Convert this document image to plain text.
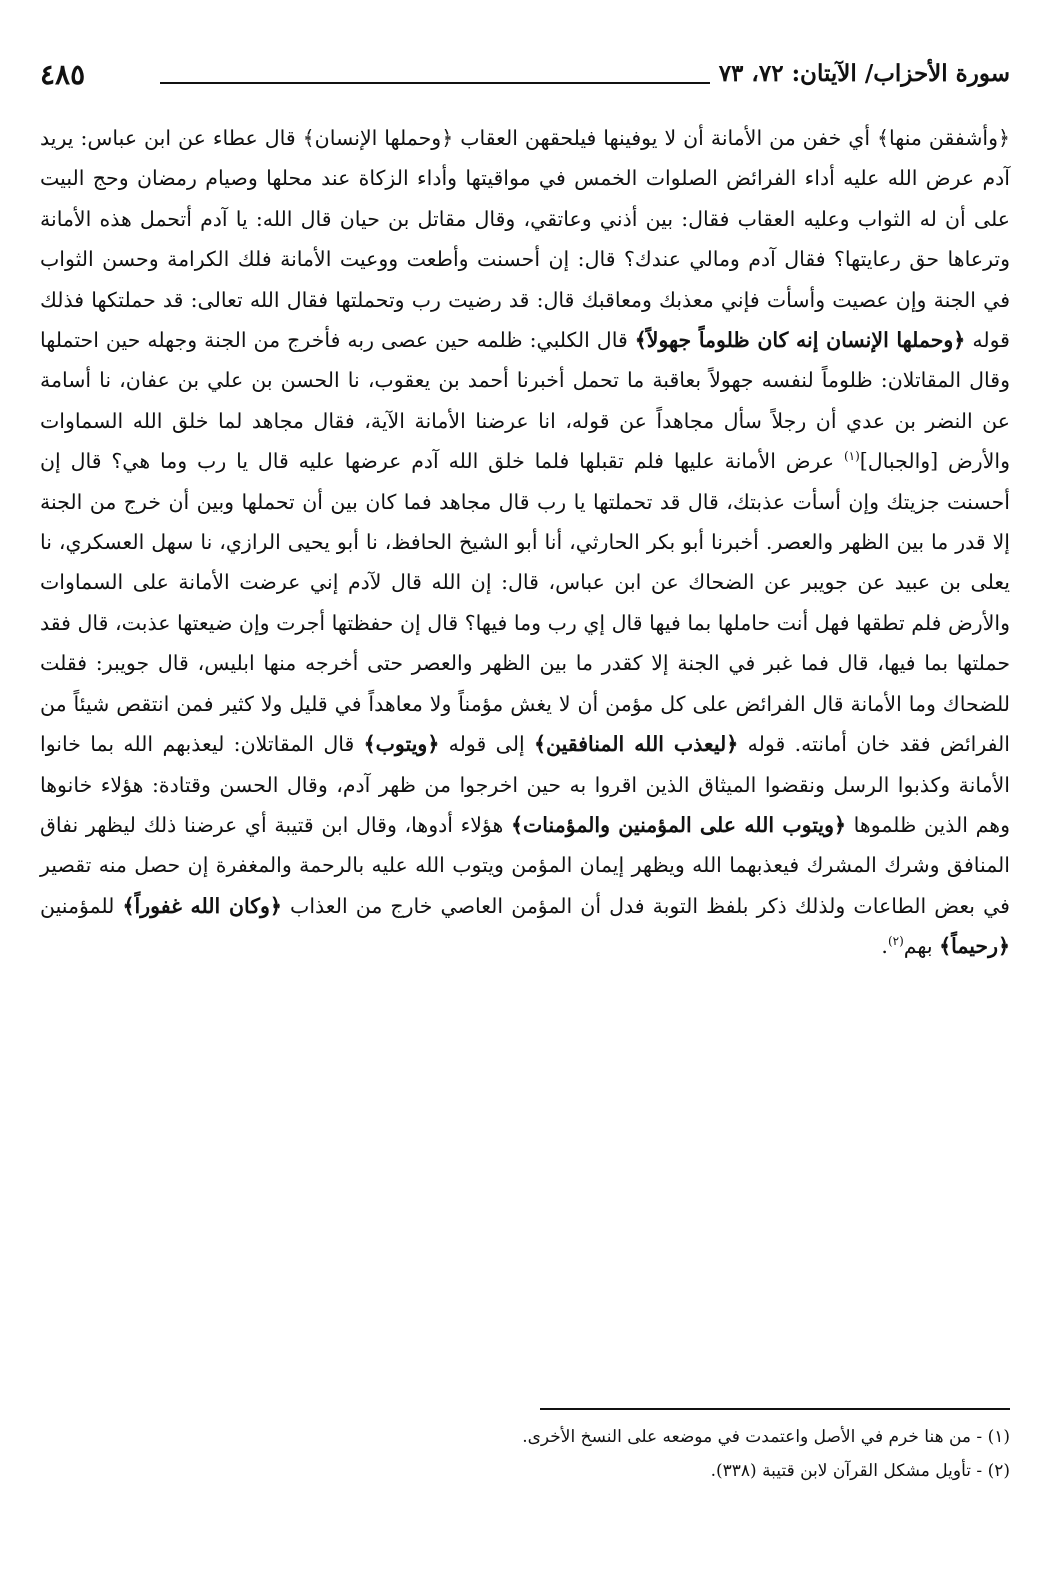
٤٨٥	سورة الأحزاب/ الآيتان: ٧٢، ٧٣

﴿وأشفقن منها﴾ أي خفن من الأمانة أن لا يوفينها فيلحقهن العقاب ﴿وحملها الإنسان﴾ قال عطاء عن ابن عباس: يريد آدم عرض الله عليه أداء الفرائض الصلوات الخمس في مواقيتها وأداء الزكاة عند محلها وصيام رمضان وحج البيت على أن له الثواب وعليه العقاب فقال: بين أذني وعاتقي، وقال مقاتل بن حيان قال الله: يا آدم أتحمل هذه الأمانة وترعاها حق رعايتها؟ فقال آدم ومالي عندك؟ قال: إن أحسنت وأطعت ووعيت الأمانة فلك الكرامة وحسن الثواب في الجنة وإن عصيت وأسأت فإني معذبك ومعاقبك قال: قد رضيت رب وتحملتها فقال الله تعالى: قد حملتكها فذلك قوله ﴿وحملها الإنسان إنه كان ظلوماً جهولاً﴾ قال الكلبي: ظلمه حين عصى ربه فأخرج من الجنة وجهله حين احتملها وقال المقاتلان: ظلوماً لنفسه جهولاً بعاقبة ما تحمل أخبرنا أحمد بن يعقوب، نا الحسن بن علي بن عفان، نا أسامة عن النضر بن عدي أن رجلاً سأل مجاهداً عن قوله، انا عرضنا الأمانة الآية، فقال مجاهد لما خلق الله السماوات والأرض [والجبال]$^{(١)}$ عرض الأمانة عليها فلم تقبلها فلما خلق الله آدم عرضها عليه قال يا رب وما هي؟ قال إن أحسنت جزيتك وإن أسأت عذبتك، قال قد تحملتها يا رب قال مجاهد فما كان بين أن تحملها وبين أن خرج من الجنة إلا قدر ما بين الظهر والعصر. أخبرنا أبو بكر الحارثي، أنا أبو الشيخ الحافظ، نا أبو يحيى الرازي، نا سهل العسكري، نا يعلى بن عبيد عن جويبر عن الضحاك عن ابن عباس، قال: إن الله قال لآدم إني عرضت الأمانة على السماوات والأرض فلم تطقها فهل أنت حاملها بما فيها قال إي رب وما فيها؟ قال إن حفظتها أجرت وإن ضيعتها عذبت، قال فقد حملتها بما فيها، قال فما غبر في الجنة إلا كقدر ما بين الظهر والعصر حتى أخرجه منها ابليس، قال جويبر: فقلت للضحاك وما الأمانة قال الفرائض على كل مؤمن أن لا يغش مؤمناً ولا معاهداً في قليل ولا كثير فمن انتقص شيئاً من الفرائض فقد خان أمانته. قوله ﴿ليعذب الله المنافقين﴾ إلى قوله ﴿ويتوب﴾ قال المقاتلان: ليعذبهم الله بما خانوا الأمانة وكذبوا الرسل ونقضوا الميثاق الذين اقروا به حين اخرجوا من ظهر آدم، وقال الحسن وقتادة: هؤلاء خانوها وهم الذين ظلموها ﴿ويتوب الله على المؤمنين والمؤمنات﴾ هؤلاء أدوها، وقال ابن قتيبة أي عرضنا ذلك ليظهر نفاق المنافق وشرك المشرك فيعذبهما الله ويظهر إيمان المؤمن ويتوب الله عليه بالرحمة والمغفرة إن حصل منه تقصير في بعض الطاعات ولذلك ذكر بلفظ التوبة فدل أن المؤمن العاصي خارج من العذاب ﴿وكان الله غفوراً﴾ للمؤمنين ﴿رحيماً﴾ بهم$^{(٢)}$.

(١) - من هنا خرم في الأصل واعتمدت في موضعه على النسخ الأخرى.

(٢) - تأويل مشكل القرآن لابن قتيبة (٣٣٨).
